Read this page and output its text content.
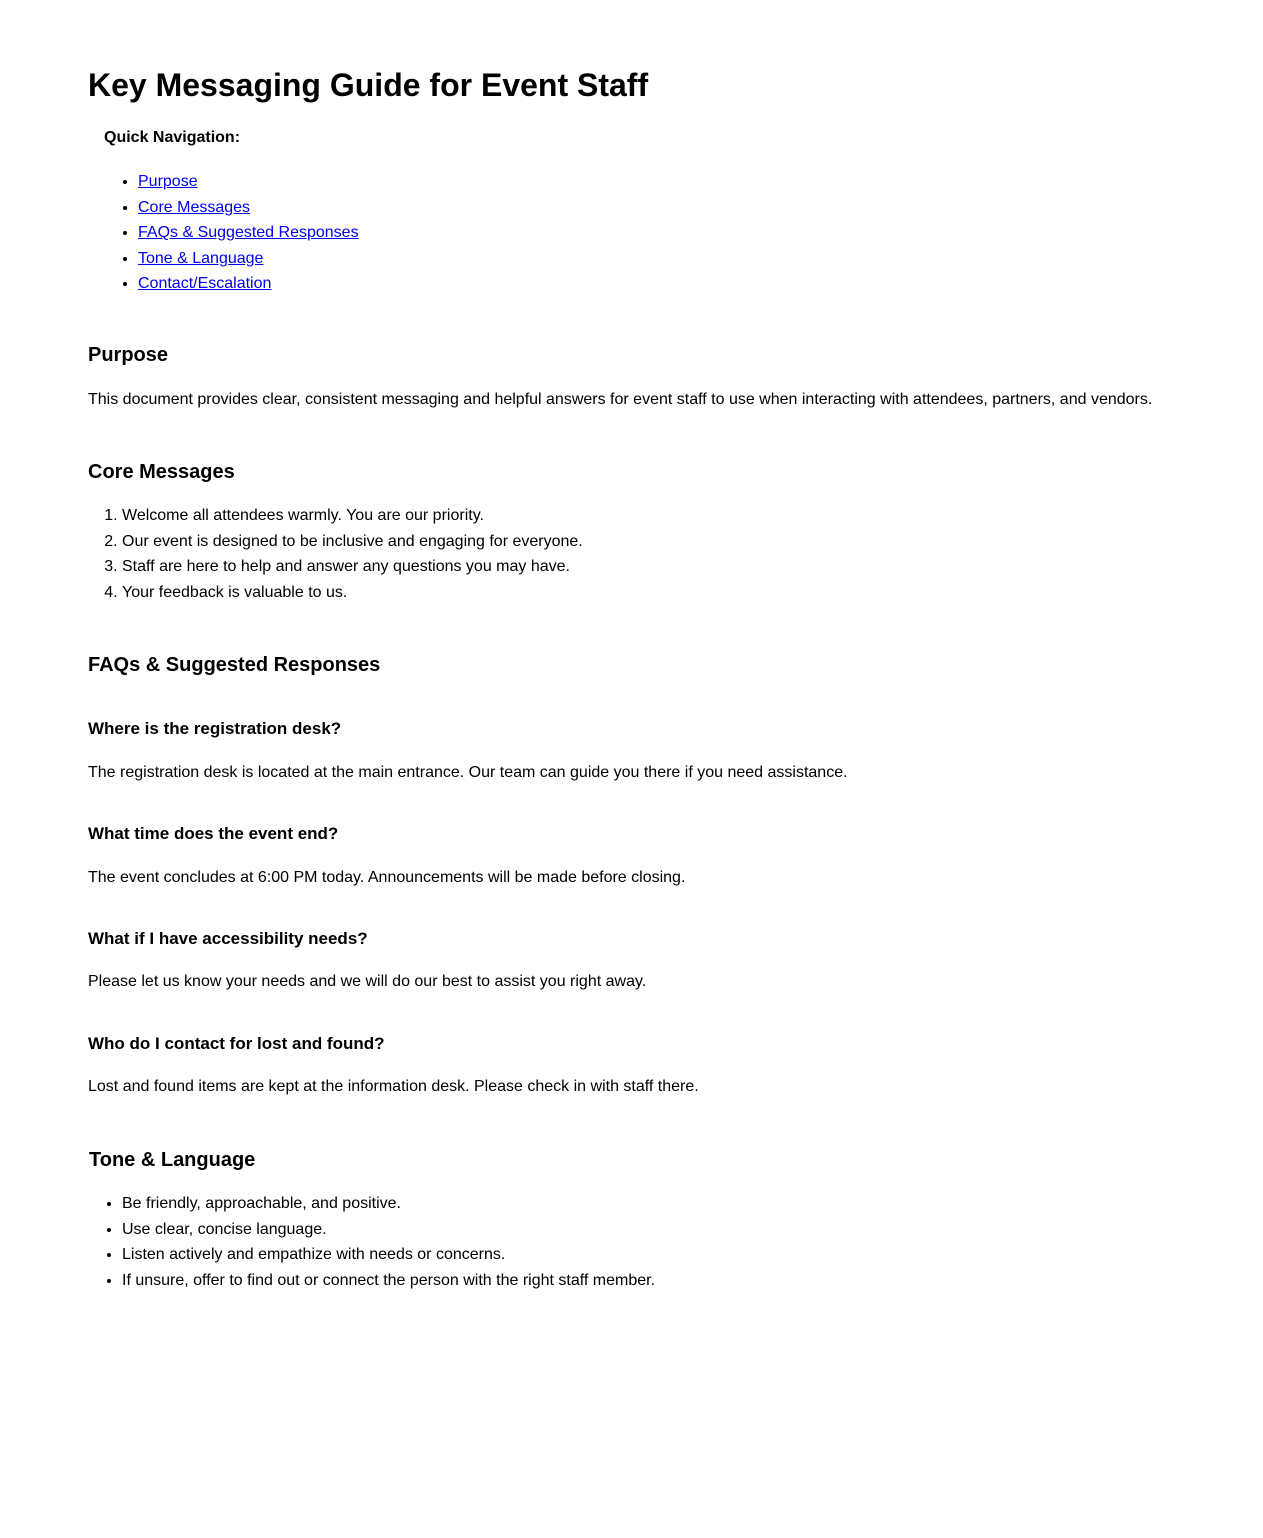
Key Messaging Guide for Event Staff

Quick Navigation:

• Purpose
• Core Messages
• FAQs & Suggested Responses
• Tone & Language
• Contact/Escalation
Purpose

This document provides clear, consistent messaging and helpful answers for event staff to use when interacting with attendees, partners, and vendors.

Core Messages
1. Welcome all attendees warmly. You are our priority.
2. Our event is designed to be inclusive and engaging for everyone.
3. Staff are here to help and answer any questions you may have.
4. Your feedback is valuable to us.
FAQs & Suggested Responses
Where is the registration desk?

The registration desk is located at the main entrance. Our team can guide you there if you need assistance.

What time does the event end?

The event concludes at 6:00 PM today. Announcements will be made before closing.

What if I have accessibility needs?

Please let us know your needs and we will do our best to assist you right away.

Who do I contact for lost and found?

Lost and found items are kept at the information desk. Please check in with staff there.

Tone & Language
• Be friendly, approachable, and positive.
• Use clear, concise language.
• Listen actively and empathize with needs or concerns.
• If unsure, offer to find out or connect the person with the right staff member.
